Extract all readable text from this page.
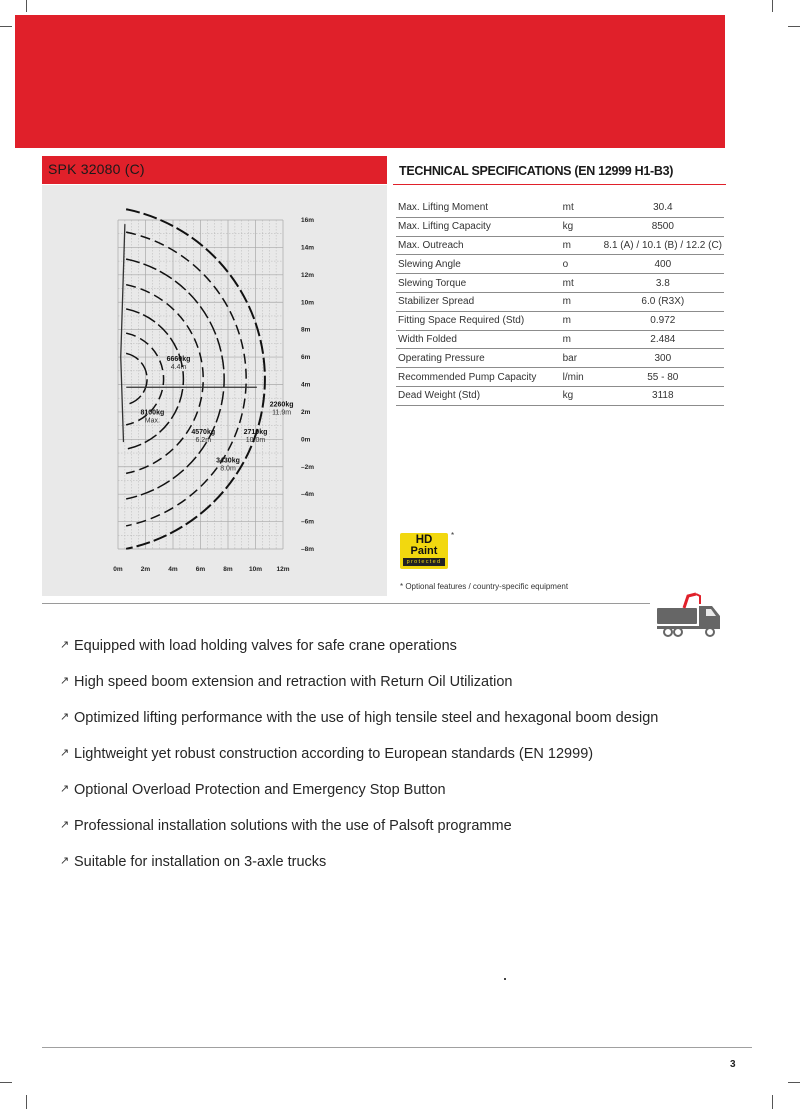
SPK 32080 (C)	TECHNICAL SPECIFICATIONS (EN 12999 H1-B3)
0m	2m	4m	6m	8m	10m 12m
16m
14m
12m
10m
8m
6m
4m
2m
0m
–2m
–4m
–6m
–8m
8100kg
Max.
6660kg
4.4m
4570kg
6.2m
2710kg
10.0m
3430kg
8.0m
2260kg
11.9m
Max. Lifting Moment	mt	30.4
Max. Lifting Capacity	kg	8500
Max. Outreach	m	8.1 (A) / 10.1 (B) / 12.2 (C)
Slewing Angle	o	400
Slewing Torque	mt	3.8
Stabilizer Spread	m	6.0 (R3X)
Fitting Space Required (Std)	m	0.972
Width Folded	m	2.484
Operating Pressure	bar	300
Recommended Pump Capacity	l/min	55 - 80
Dead Weight (Std)	kg	3118
HD
Paint
protected
*
* Optional features / country-specific equipment
↗ Equipped with load holding valves for safe crane operations
↗ High speed boom extension and retraction with Return Oil Utilization
↗ Optimized lifting performance with the use of high tensile steel and hexagonal boom design
↗ Lightweight yet robust construction according to European standards (EN 12999)
↗ Optional Overload Protection and Emergency Stop Button
↗ Professional installation solutions with the use of Palsoft programme
↗ Suitable for installation on 3-axle trucks
3
